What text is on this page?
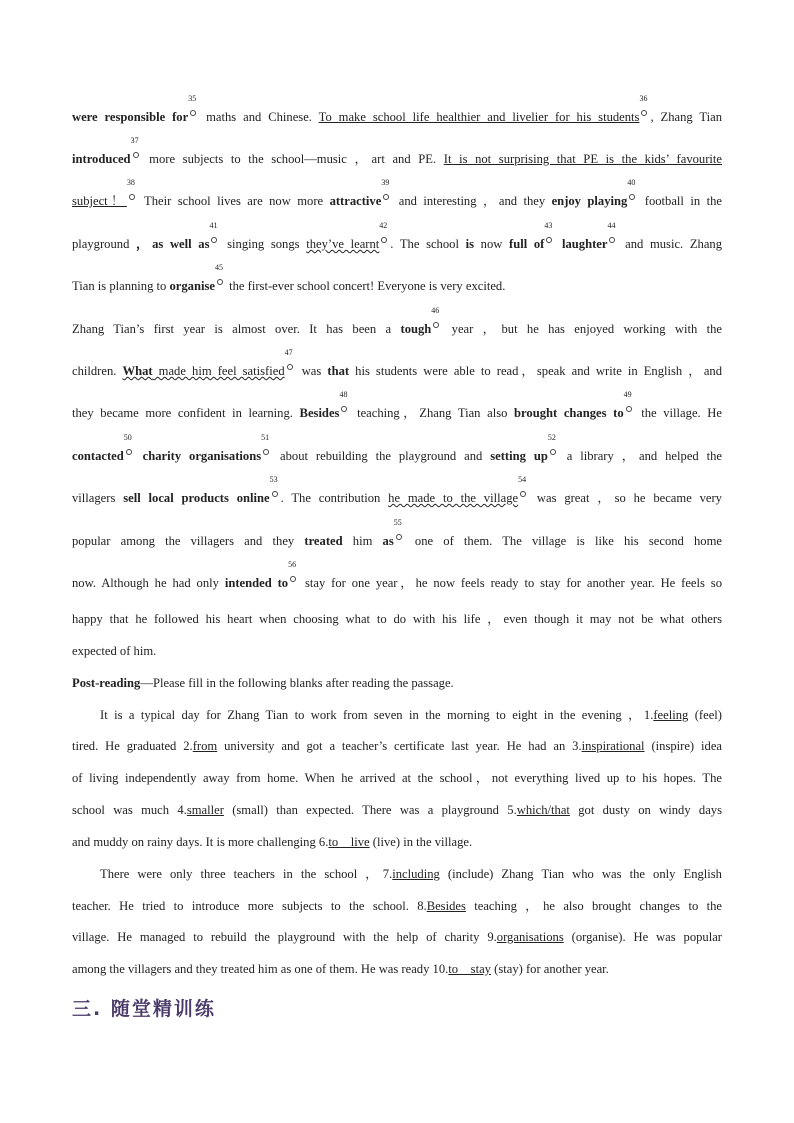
were responsible for35 maths and Chinese. To make school life healthier and livelier for his students36, Zhang Tian
introduced37 more subjects to the school—music ，art and PE. It is not surprising that PE is the kids’ favourite
subject！38 Their school lives are now more attractive39 and interesting ，and they enjoy playing40 football in the
playground ，as well as41 singing songs they’ve learnt42. The school is now full of43 laughter44 and music. Zhang
Tian is planning to organise45 the first-ever school concert! Everyone is very excited.
Zhang Tian’s first year is almost over. It has been a tough46 year ，but he has enjoyed working with the
children. What made him feel satisfied47 was that his students were able to read，speak and write in English ，and
they became more confident in learning. Besides48 teaching，Zhang Tian also brought changes to49 the village. He
contacted50 charity organisations51 about rebuilding the playground and setting up52 a library ，and helped the
villagers sell local products online53. The contribution he made to the village54 was great ，so he became very
popular among the villagers and they treated him as55 one of them. The village is like his second home
now. Although he had only intended to56 stay for one year，he now feels ready to stay for another year. He feels so
happy that he followed his heart when choosing what to do with his life ，even though it may not be what others
expected of him.
Post-reading—Please fill in the following blanks after reading the passage.
It is a typical day for Zhang Tian to work from seven in the morning to eight in the evening ，1.feeling (feel)
tired. He graduated 2.from university and got a teacher’s certificate last year. He had an 3.inspirational (inspire) idea
of living independently away from home. When he arrived at the school，not everything lived up to his hopes. The
school was much 4.smaller (small) than expected. There was a playground 5.which/that got dusty on windy days
and muddy on rainy days. It is more challenging 6.to    live (live) in the village.
There were only three teachers in the school ，7.including (include) Zhang Tian who was the only English
teacher. He tried to introduce more subjects to the school. 8.Besides teaching ，he also brought changes to the
village. He managed to rebuild the playground with the help of charity 9.organisations (organise). He was popular
among the villagers and they treated him as one of them. He was ready 10.to    stay (stay) for another year.
三. 随堂精训练
